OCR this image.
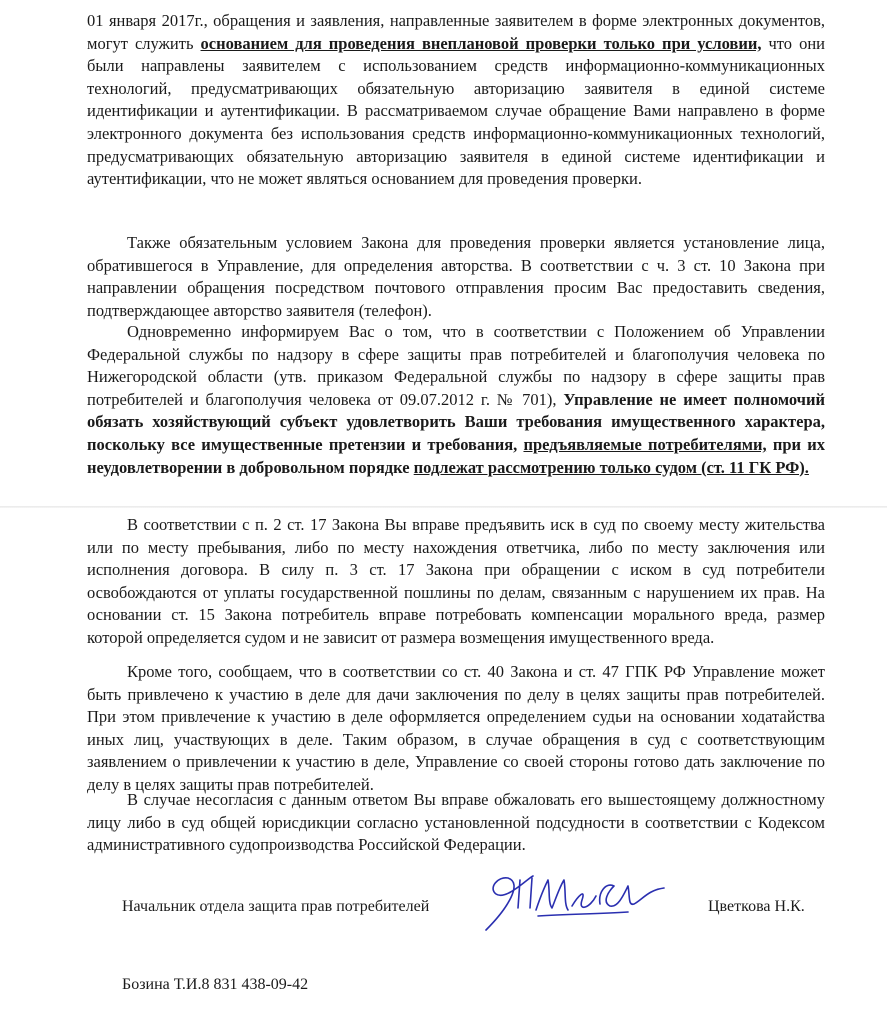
01 января 2017г., обращения и заявления, направленные заявителем в форме электронных документов, могут служить основанием для проведения внеплановой проверки только при условии, что они были направлены заявителем с использованием средств информационно-коммуникационных технологий, предусматривающих обязательную авторизацию заявителя в единой системе идентификации и аутентификации. В рассматриваемом случае обращение Вами направлено в форме электронного документа без использования средств информационно-коммуникационных технологий, предусматривающих обязательную авторизацию заявителя в единой системе идентификации и аутентификации, что не может являться основанием для проведения проверки.

Также обязательным условием Закона для проведения проверки является установление лица, обратившегося в Управление, для определения авторства. В соответствии с ч. 3 ст. 10 Закона при направлении обращения посредством почтового отправления просим Вас предоставить сведения, подтверждающее авторство заявителя (телефон).

Одновременно информируем Вас о том, что в соответствии с Положением об Управлении Федеральной службы по надзору в сфере защиты прав потребителей и благополучия человека по Нижегородской области (утв. приказом Федеральной службы по надзору в сфере защиты прав потребителей и благополучия человека от 09.07.2012 г. № 701), Управление не имеет полномочий обязать хозяйствующий субъект удовлетворить Ваши требования имущественного характера, поскольку все имущественные претензии и требования, предъявляемые потребителями, при их неудовлетворении в добровольном порядке подлежат рассмотрению только судом (ст. 11 ГК РФ).

В соответствии с п. 2 ст. 17 Закона Вы вправе предъявить иск в суд по своему месту жительства или по месту пребывания, либо по месту нахождения ответчика, либо по месту заключения или исполнения договора. В силу п. 3 ст. 17 Закона при обращении с иском в суд потребители освобождаются от уплаты государственной пошлины по делам, связанным с нарушением их прав. На основании ст. 15 Закона потребитель вправе потребовать компенсации морального вреда, размер которой определяется судом и не зависит от размера возмещения имущественного вреда.

Кроме того, сообщаем, что в соответствии со ст. 40 Закона и ст. 47 ГПК РФ Управление может быть привлечено к участию в деле для дачи заключения по делу в целях защиты прав потребителей. При этом привлечение к участию в деле оформляется определением судьи на основании ходатайства иных лиц, участвующих в деле. Таким образом, в случае обращения в суд с соответствующим заявлением о привлечении к участию в деле, Управление со своей стороны готово дать заключение по делу в целях защиты прав потребителей.

В случае несогласия с данным ответом Вы вправе обжаловать его вышестоящему должностному лицу либо в суд общей юрисдикции согласно установленной подсудности в соответствии с Кодексом административного судопроизводства Российской Федерации.

Начальник отдела защита прав потребителей	Цветкова Н.К.
Бозина Т.И.8 831 438-09-42
